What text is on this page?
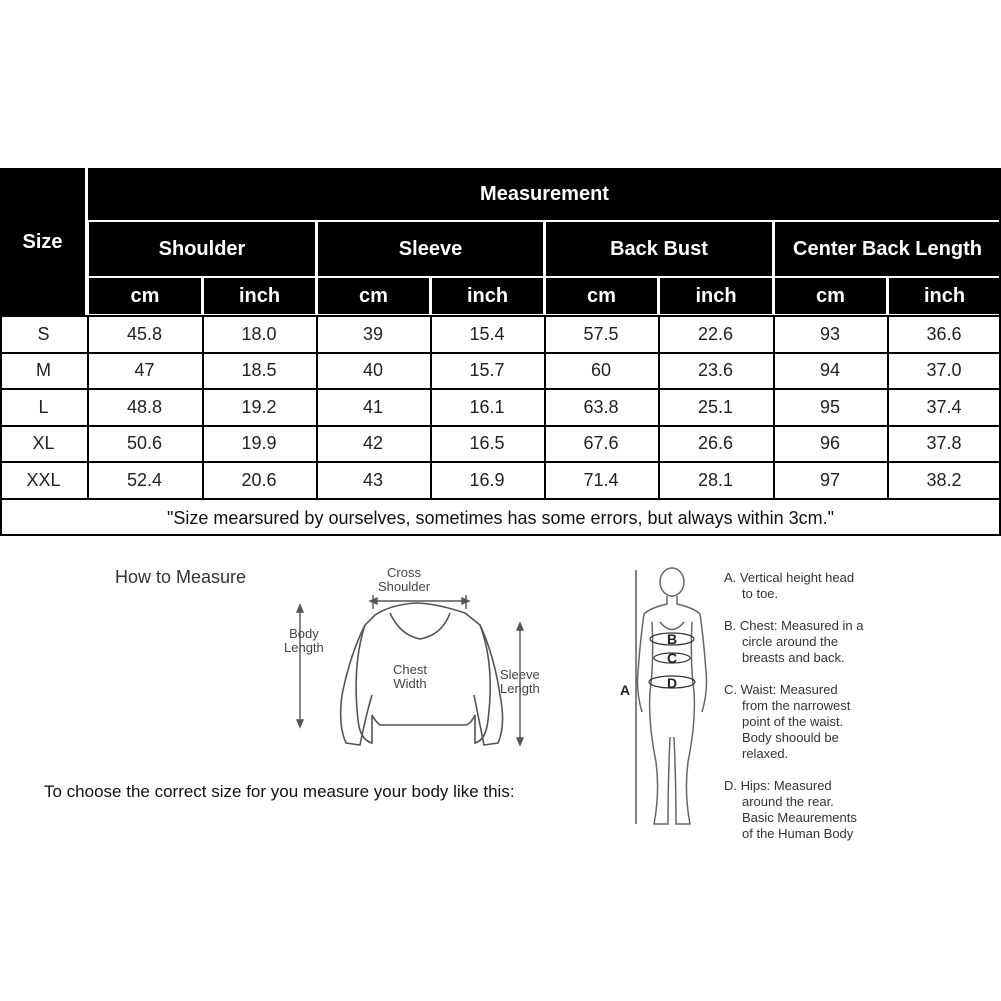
Size
Measurement
Shoulder	Sleeve	Back Bust	Center Back Length
cm	inch	cm	inch	cm	inch	cm	inch
S	45.8	18.0	39	15.4	57.5	22.6	93	36.6
M	47	18.5	40	15.7	60	23.6	94	37.0
L	48.8	19.2	41	16.1	63.8	25.1	95	37.4
XL	50.6	19.9	42	16.5	67.6	26.6	96	37.8
XXL	52.4	20.6	43	16.9	71.4	28.1	97	38.2
"Size mearsured by ourselves, sometimes has some errors, but always within 3cm."
How to Measure
To choose the correct size for you measure your body like this:
Cross
Shoulder
Body
Length
Chest
Width
Sleeve
Length	A
B
C
D
A. Vertical height head
to toe.
B. Chest: Measured in a
circle around the
breasts and back.
C. Waist: Measured
from the narrowest
point of the waist.
Body shoould be
relaxed.
D. Hips: Measured
around the rear.
Basic Meaurements
of the Human Body
